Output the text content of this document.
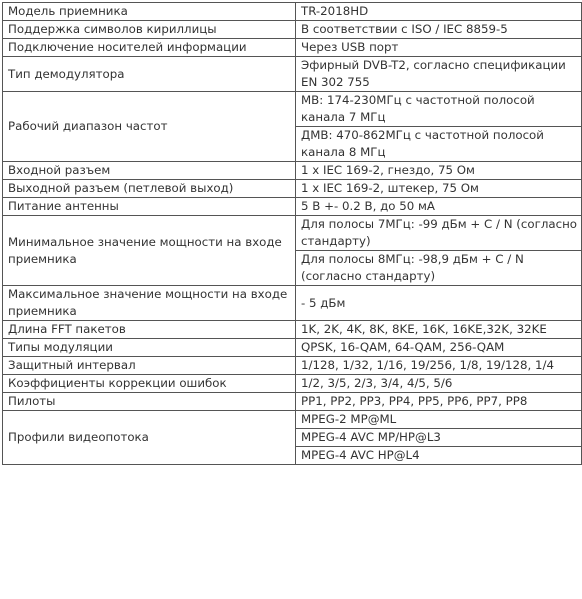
Модель приемника	TR-2018HD
Поддержка символов кириллицы	В соответствии с ISO / IEC 8859-5
Подключение носителей информации	Через USB порт
Тип демодулятора	Эфирный DVB-T2, согласно спецификации EN 302 755
Рабочий диапазон частот	МВ: 174-230МГц с частотной полосой канала 7 МГц
	ДМВ: 470-862МГц с частотной полосой канала 8 МГц
Входной разъем	1 x IEC 169-2, гнездо, 75 Ом
Выходной разъем (петлевой выход)	1 x IEC 169-2, штекер, 75 Ом
Питание антенны	5 В +- 0.2 В, до 50 мА
Минимальное значение мощности на входе приемника	Для полосы 7МГц: -99 дБм + C / N (согласно стандарту)
	Для полосы 8МГц: -98,9 дБм + C / N (согласно стандарту)
Максимальное значение мощности на входе приемника	- 5 дБм
Длина FFT пакетов	1K, 2K, 4K, 8K, 8KE, 16K, 16KE,32K, 32KE
Типы модуляции	QPSK, 16-QAM, 64-QAM, 256-QAM
Защитный интервал	1/128, 1/32, 1/16, 19/256, 1/8, 19/128, 1/4
Коэффициенты коррекции ошибок	1/2, 3/5, 2/3, 3/4, 4/5, 5/6
Пилоты	PP1, PP2, PP3, PP4, PP5, PP6, PP7, PP8
Профили видеопотока	MPEG-2 MP@ML
	MPEG-4 AVC MP/HP@L3
	MPEG-4 AVC HP@L4
